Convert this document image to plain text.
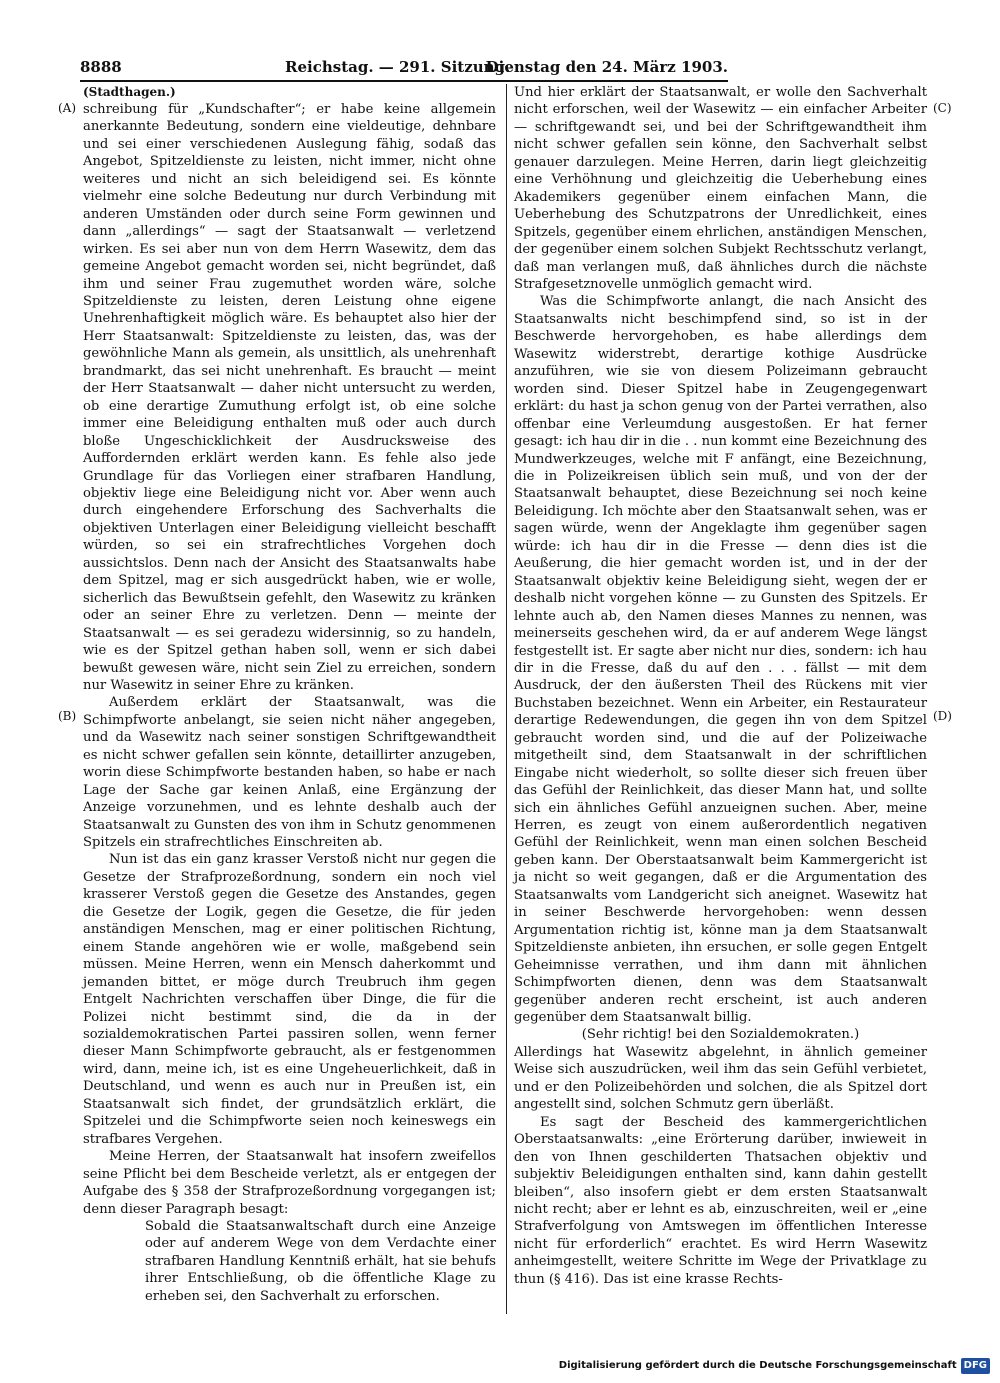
8888	Reichstag. — 291. Sitzung.
Dienstag den 24. März 1903.
(Stadthagen.)
(A)
(B)
(C)
(D)

schreibung für „Kundschafter“; er habe keine allgemein anerkannte Bedeutung, sondern eine vieldeutige, dehnbare und sei einer verschiedenen Auslegung fähig, sodaß das Angebot, Spitzeldienste zu leisten, nicht immer, nicht ohne weiteres und nicht an sich beleidigend sei. Es könnte vielmehr eine solche Bedeutung nur durch Verbindung mit anderen Umständen oder durch seine Form gewinnen und dann „allerdings“ — sagt der Staatsanwalt — verletzend wirken. Es sei aber nun von dem Herrn Wasewitz, dem das gemeine Angebot gemacht worden sei, nicht begründet, daß ihm und seiner Frau zugemuthet worden wäre, solche Spitzeldienste zu leisten, deren Leistung ohne eigene Unehrenhaftigkeit möglich wäre. Es behauptet also hier der Herr Staatsanwalt: Spitzeldienste zu leisten, das, was der gewöhnliche Mann als gemein, als unsittlich, als unehrenhaft brandmarkt, das sei nicht unehrenhaft. Es braucht — meint der Herr Staatsanwalt — daher nicht untersucht zu werden, ob eine derartige Zumuthung erfolgt ist, ob eine solche immer eine Beleidigung enthalten muß oder auch durch bloße Ungeschicklichkeit der Ausdrucksweise des Auffordernden erklärt werden kann. Es fehle also jede Grundlage für das Vorliegen einer strafbaren Handlung, objektiv liege eine Beleidigung nicht vor. Aber wenn auch durch eingehendere Erforschung des Sachverhalts die objektiven Unterlagen einer Beleidigung vielleicht beschafft würden, so sei ein strafrechtliches Vorgehen doch aussichtslos. Denn nach der Ansicht des Staatsanwalts habe dem Spitzel, mag er sich ausgedrückt haben, wie er wolle, sicherlich das Bewußtsein gefehlt, den Wasewitz zu kränken oder an seiner Ehre zu verletzen. Denn — meinte der Staatsanwalt — es sei geradezu widersinnig, so zu handeln, wie es der Spitzel gethan haben soll, wenn er sich dabei bewußt gewesen wäre, nicht sein Ziel zu erreichen, sondern nur Wasewitz in seiner Ehre zu kränken.

Außerdem erklärt der Staatsanwalt, was die Schimpfworte anbelangt, sie seien nicht näher angegeben, und da Wasewitz nach seiner sonstigen Schriftgewandtheit es nicht schwer gefallen sein könnte, detaillirter anzugeben, worin diese Schimpfworte bestanden haben, so habe er nach Lage der Sache gar keinen Anlaß, eine Ergänzung der Anzeige vorzunehmen, und es lehnte deshalb auch der Staatsanwalt zu Gunsten des von ihm in Schutz genommenen Spitzels ein strafrechtliches Einschreiten ab.

Nun ist das ein ganz krasser Verstoß nicht nur gegen die Gesetze der Strafprozeßordnung, sondern ein noch viel krasserer Verstoß gegen die Gesetze des Anstandes, gegen die Gesetze der Logik, gegen die Gesetze, die für jeden anständigen Menschen, mag er einer politischen Richtung, einem Stande angehören wie er wolle, maßgebend sein müssen. Meine Herren, wenn ein Mensch daherkommt und jemanden bittet, er möge durch Treubruch ihm gegen Entgelt Nachrichten verschaffen über Dinge, die für die Polizei nicht bestimmt sind, die da in der sozialdemokratischen Partei passiren sollen, wenn ferner dieser Mann Schimpfworte gebraucht, als er festgenommen wird, dann, meine ich, ist es eine Ungeheuerlichkeit, daß in Deutschland, und wenn es auch nur in Preußen ist, ein Staatsanwalt sich findet, der grundsätzlich erklärt, die Spitzelei und die Schimpfworte seien noch keineswegs ein strafbares Vergehen.

Meine Herren, der Staatsanwalt hat insofern zweifellos seine Pflicht bei dem Bescheide verletzt, als er entgegen der Aufgabe des § 358 der Strafprozeßordnung vorgegangen ist; denn dieser Paragraph besagt:

Sobald die Staatsanwaltschaft durch eine Anzeige oder auf anderem Wege von dem Verdachte einer strafbaren Handlung Kenntniß erhält, hat sie behufs ihrer Entschließung, ob die öffentliche Klage zu erheben sei, den Sachverhalt zu erforschen.

Und hier erklärt der Staatsanwalt, er wolle den Sachverhalt nicht erforschen, weil der Wasewitz — ein einfacher Arbeiter — schriftgewandt sei, und bei der Schriftgewandtheit ihm nicht schwer gefallen sein könne, den Sachverhalt selbst genauer darzulegen. Meine Herren, darin liegt gleichzeitig eine Verhöhnung und gleichzeitig die Ueberhebung eines Akademikers gegenüber einem einfachen Mann, die Ueberhebung des Schutzpatrons der Unredlichkeit, eines Spitzels, gegenüber einem ehrlichen, anständigen Menschen, der gegenüber einem solchen Subjekt Rechtsschutz verlangt, daß man verlangen muß, daß ähnliches durch die nächste Strafgesetznovelle unmöglich gemacht wird.

Was die Schimpfworte anlangt, die nach Ansicht des Staatsanwalts nicht beschimpfend sind, so ist in der Beschwerde hervorgehoben, es habe allerdings dem Wasewitz widerstrebt, derartige kothige Ausdrücke anzuführen, wie sie von diesem Polizeimann gebraucht worden sind. Dieser Spitzel habe in Zeugengegenwart erklärt: du hast ja schon genug von der Partei verrathen, also offenbar eine Verleumdung ausgestoßen. Er hat ferner gesagt: ich hau dir in die . . nun kommt eine Bezeichnung des Mundwerkzeuges, welche mit F anfängt, eine Bezeichnung, die in Polizeikreisen üblich sein muß, und von der der Staatsanwalt behauptet, diese Bezeichnung sei noch keine Beleidigung. Ich möchte aber den Staatsanwalt sehen, was er sagen würde, wenn der Angeklagte ihm gegenüber sagen würde: ich hau dir in die Fresse — denn dies ist die Aeußerung, die hier gemacht worden ist, und in der der Staatsanwalt objektiv keine Beleidigung sieht, wegen der er deshalb nicht vorgehen könne — zu Gunsten des Spitzels. Er lehnte auch ab, den Namen dieses Mannes zu nennen, was meinerseits geschehen wird, da er auf anderem Wege längst festgestellt ist. Er sagte aber nicht nur dies, sondern: ich hau dir in die Fresse, daß du auf den . . . fällst — mit dem Ausdruck, der den äußersten Theil des Rückens mit vier Buchstaben bezeichnet. Wenn ein Arbeiter, ein Restaurateur derartige Redewendungen, die gegen ihn von dem Spitzel gebraucht worden sind, und die auf der Polizeiwache mitgetheilt sind, dem Staatsanwalt in der schriftlichen Eingabe nicht wiederholt, so sollte dieser sich freuen über das Gefühl der Reinlichkeit, das dieser Mann hat, und sollte sich ein ähnliches Gefühl anzueignen suchen. Aber, meine Herren, es zeugt von einem außerordentlich negativen Gefühl der Reinlichkeit, wenn man einen solchen Bescheid geben kann. Der Oberstaatsanwalt beim Kammergericht ist ja nicht so weit gegangen, daß er die Argumentation des Staatsanwalts vom Landgericht sich aneignet. Wasewitz hat in seiner Beschwerde hervorgehoben: wenn dessen Argumentation richtig ist, könne man ja dem Staatsanwalt Spitzeldienste anbieten, ihn ersuchen, er solle gegen Entgelt Geheimnisse verrathen, und ihm dann mit ähnlichen Schimpfworten dienen, denn was dem Staatsanwalt gegenüber anderen recht erscheint, ist auch anderen gegenüber dem Staatsanwalt billig.

(Sehr richtig! bei den Sozialdemokraten.)

Allerdings hat Wasewitz abgelehnt, in ähnlich gemeiner Weise sich auszudrücken, weil ihm das sein Gefühl verbietet, und er den Polizeibehörden und solchen, die als Spitzel dort angestellt sind, solchen Schmutz gern überläßt.

Es sagt der Bescheid des kammergerichtlichen Oberstaatsanwalts: „eine Erörterung darüber, inwieweit in den von Ihnen geschilderten Thatsachen objektiv und subjektiv Beleidigungen enthalten sind, kann dahin gestellt bleiben“, also insofern giebt er dem ersten Staatsanwalt nicht recht; aber er lehnt es ab, einzuschreiten, weil er „eine Strafverfolgung von Amtswegen im öffentlichen Interesse nicht für erforderlich“ erachtet. Es wird Herrn Wasewitz anheimgestellt, weitere Schritte im Wege der Privatklage zu thun (§ 416). Das ist eine krasse Rechts-

Digitalisierung gefördert durch die Deutsche Forschungsgemeinschaft DFG
